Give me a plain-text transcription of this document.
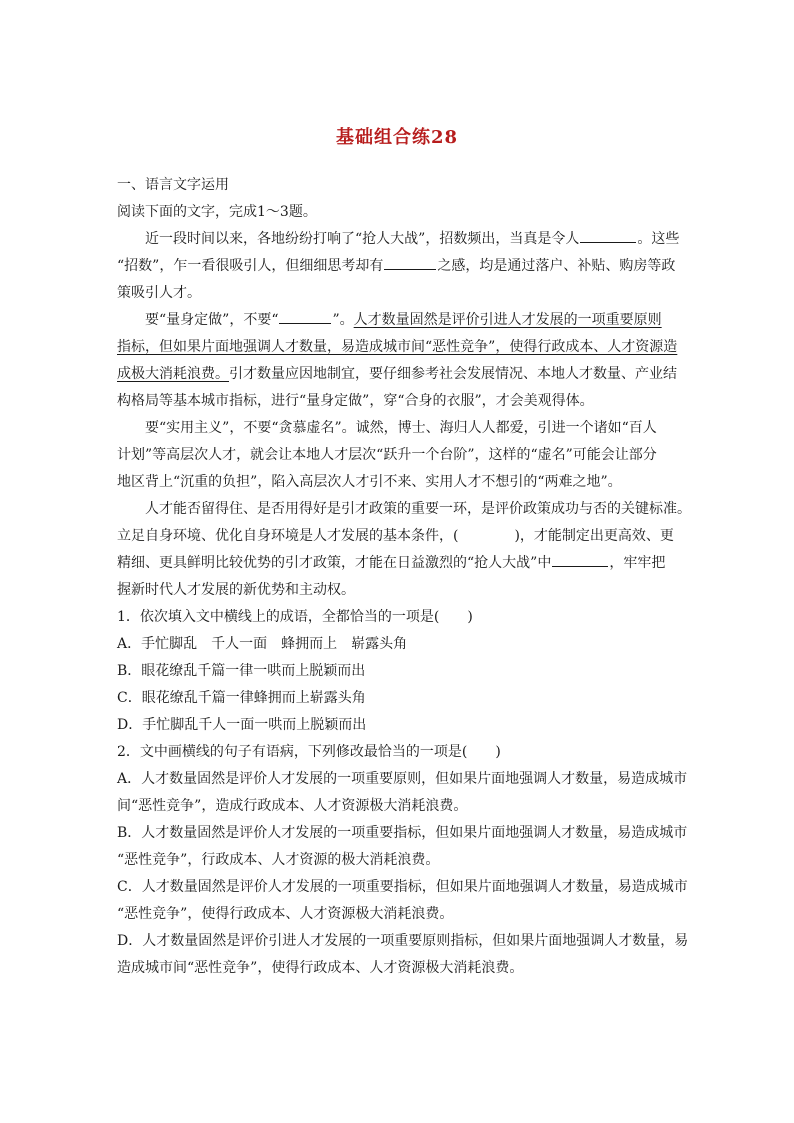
基础组合练28
一、语言文字运用
阅读下面的文字，完成1～3题。
近一段时间以来，各地纷纷打响了“抢人大战”，招数频出，当真是令人	。这些
“招数”，乍一看很吸引人，但细细思考却有	之感，均是通过落户、补贴、购房等政
策吸引人才。
要“量身定做”，不要“	”。人才数量固然是评价引进人才发展的一项重要原则
指标，但如果片面地强调人才数量，易造成城市间“恶性竞争”，使得行政成本、人才资源造
成极大消耗浪费。引才数量应因地制宜，要仔细参考社会发展情况、本地人才数量、产业结
构格局等基本城市指标，进行“量身定做”，穿“合身的衣服”，才会美观得体。
要“实用主义”，不要“贪慕虚名”。诚然，博士、海归人人都爱，引进一个诸如“百人
计划”等高层次人才，就会让本地人才层次“跃升一个台阶”，这样的“虚名”可能会让部分
地区背上“沉重的负担”，陷入高层次人才引不来、实用人才不想引的“两难之地”。
人才能否留得住、是否用得好是引才政策的重要一环，是评价政策成功与否的关键标准。
立足自身环境、优化自身环境是人才发展的基本条件，(	)，才能制定出更高效、更
精细、更具鲜明比较优势的引才政策，才能在日益激烈的“抢人大战”中	，牢牢把
握新时代人才发展的新优势和主动权。
1．依次填入文中横线上的成语，全都恰当的一项是( )
A．手忙脚乱 千人一面 蜂拥而上 崭露头角
B．眼花缭乱千篇一律一哄而上脱颖而出
C．眼花缭乱千篇一律蜂拥而上崭露头角
D．手忙脚乱千人一面一哄而上脱颖而出
2．文中画横线的句子有语病，下列修改最恰当的一项是( )
A．人才数量固然是评价人才发展的一项重要原则，但如果片面地强调人才数量，易造成城市
间“恶性竞争”，造成行政成本、人才资源极大消耗浪费。
B．人才数量固然是评价人才发展的一项重要指标，但如果片面地强调人才数量，易造成城市
“恶性竞争”，行政成本、人才资源的极大消耗浪费。
C．人才数量固然是评价人才发展的一项重要指标，但如果片面地强调人才数量，易造成城市
“恶性竞争”，使得行政成本、人才资源极大消耗浪费。
D．人才数量固然是评价引进人才发展的一项重要原则指标，但如果片面地强调人才数量，易
造成城市间“恶性竞争”，使得行政成本、人才资源极大消耗浪费。
